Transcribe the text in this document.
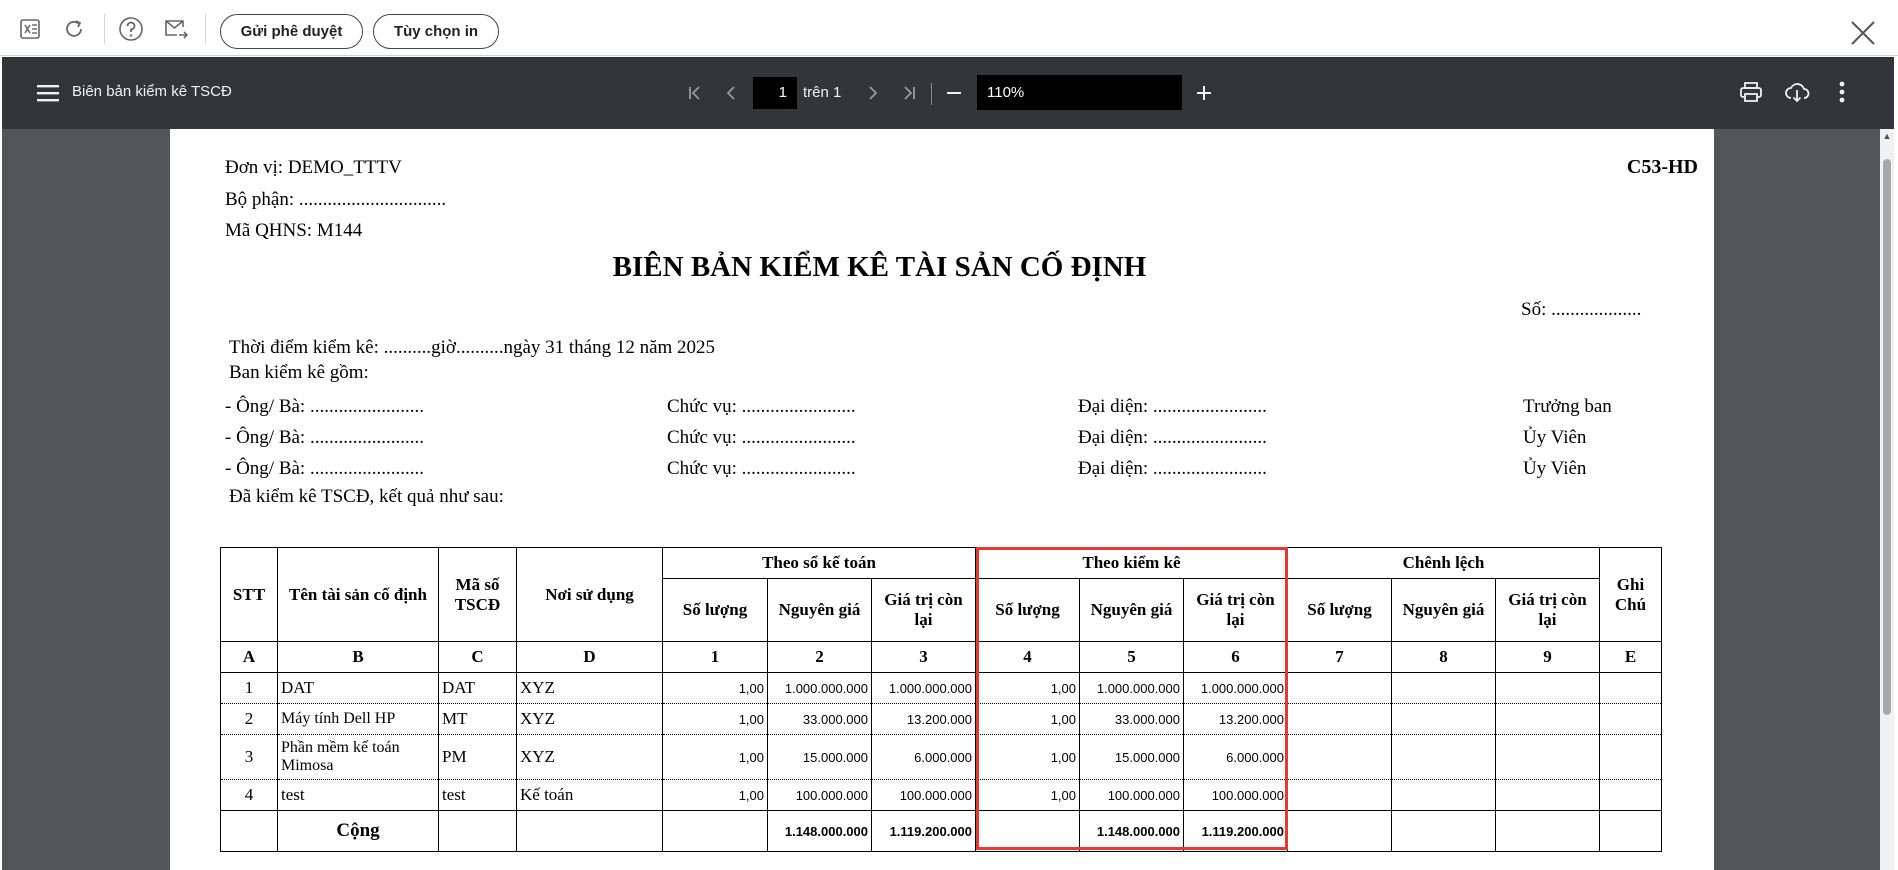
Gửi phê duyệt	Tùy chọn in
Biên bản kiểm kê TSCĐ	1	trên 1	110%
Đơn vị: DEMO_TTTV
Bộ phận: ...............................
Mã QHNS: M144
C53-HD
BIÊN BẢN KIỂM KÊ TÀI SẢN CỐ ĐỊNH
Số: ...................
Thời điểm kiểm kê: ..........giờ..........ngày 31 tháng 12 năm 2025
Ban kiểm kê gồm:
- Ông/ Bà: ........................	Chức vụ: ........................	Đại diện: ........................	Trưởng ban
- Ông/ Bà: ........................	Chức vụ: ........................	Đại diện: ........................	Ủy Viên
- Ông/ Bà: ........................	Chức vụ: ........................	Đại diện: ........................	Ủy Viên
Đã kiểm kê TSCĐ, kết quả như sau:
▲
STT	Tên tài sản cố định	Mã số TSCĐ	Nơi sử dụng	Theo sổ kế toán			Theo kiểm kê			Chênh lệch			Ghi Chú
				Số lượng	Nguyên giá	Giá trị còn lại	Số lượng	Nguyên giá	Giá trị còn lại	Số lượng	Nguyên giá	Giá trị còn lại	
A	B	C	D	1	2	3	4	5	6	7	8	9	E
1	DAT	DAT	XYZ	1,00	1.000.000.000	1.000.000.000	1,00	1.000.000.000	1.000.000.000				
2	Máy tính Dell HP	MT	XYZ	1,00	33.000.000	13.200.000	1,00	33.000.000	13.200.000				
3	Phần mềm kế toán Mimosa	PM	XYZ	1,00	15.000.000	6.000.000	1,00	15.000.000	6.000.000				
4	test	test	Kế toán	1,00	100.000.000	100.000.000	1,00	100.000.000	100.000.000				
	Cộng				1.148.000.000	1.119.200.000		1.148.000.000	1.119.200.000				
